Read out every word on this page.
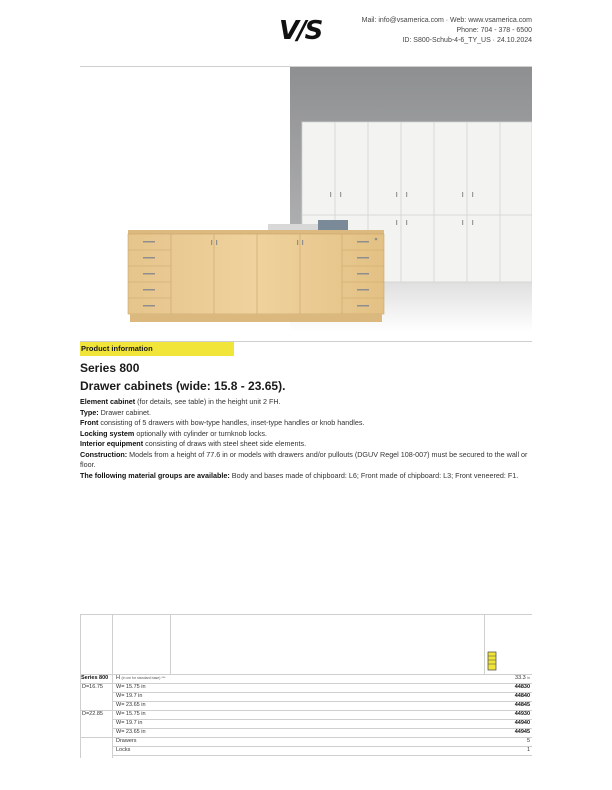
V/S	Mail: info@vsamerica.com · Web: www.vsamerica.com
Phone: 704 - 378 - 6500
ID: S800-Schub-4-6_TY_US · 24.10.2024
Product information
Series 800
Drawer cabinets (wide: 15.8 - 23.65).

Element cabinet (for details, see table) in the height unit 2 FH.

Type: Drawer cabinet.

Front consisting of 5 drawers with bow-type handles, inset-type handles or knob handles.

Locking system optionally with cylinder or turnknob locks.

Interior equipment consisting of draws with steel sheet side elements.

Construction: Models from a height of 77.6 in or models with drawers and/or pullouts (DGUV Regel 108-007) must be secured to the wall or floor.

The following material groups are available: Body and bases made of chipboard: L6; Front made of chipboard: L3; Front veneered: F1.

Series 800 H (in cm for standard base) ***	33.3 in
D=16.75 W= 15.75 in	44830
W= 19.7 in	44840
W= 23.65 in	44845
D=22.85 W= 15.75 in	44930
W= 19.7 in	44940
W= 23.65 in	44945
Drawers	5
Locks	1
